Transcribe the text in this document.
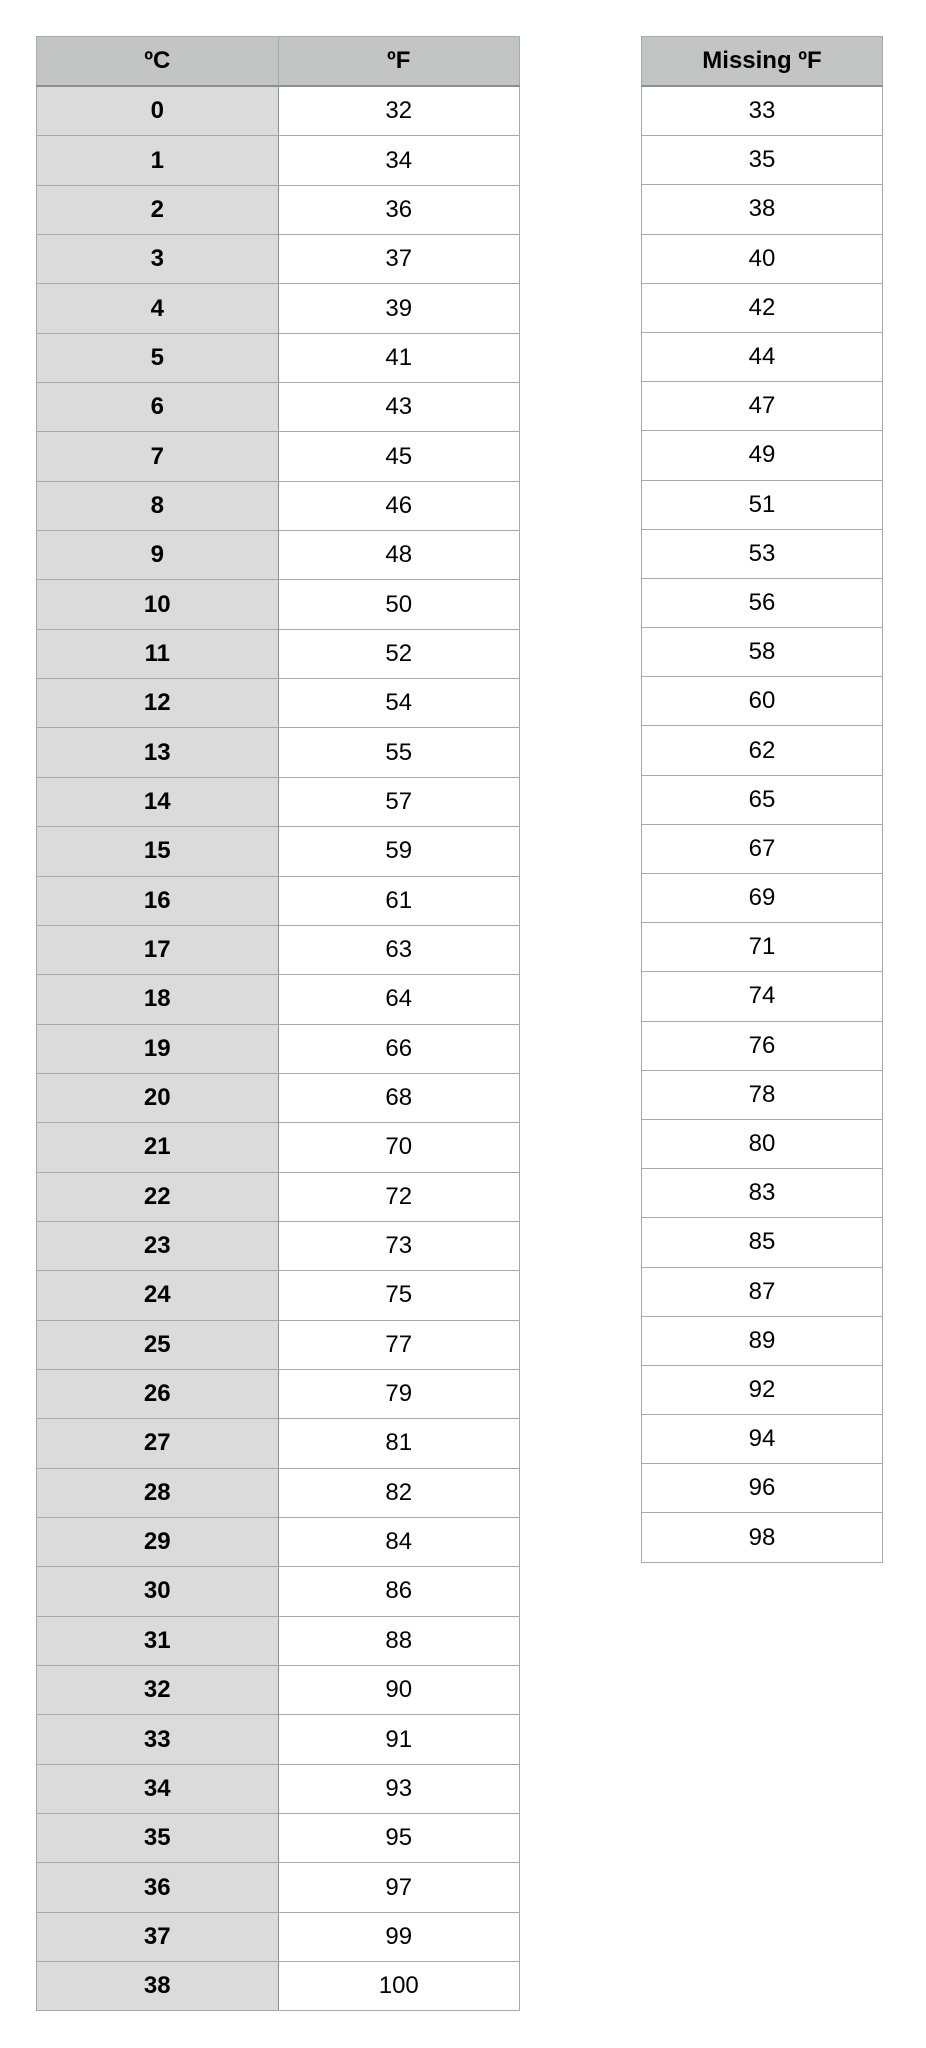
ºC	ºF
0	32
1	34
2	36
3	37
4	39
5	41
6	43
7	45
8	46
9	48
10	50
11	52
12	54
13	55
14	57
15	59
16	61
17	63
18	64
19	66
20	68
21	70
22	72
23	73
24	75
25	77
26	79
27	81
28	82
29	84
30	86
31	88
32	90
33	91
34	93
35	95
36	97
37	99
38	100
Missing ºF
33
35
38
40
42
44
47
49
51
53
56
58
60
62
65
67
69
71
74
76
78
80
83
85
87
89
92
94
96
98
